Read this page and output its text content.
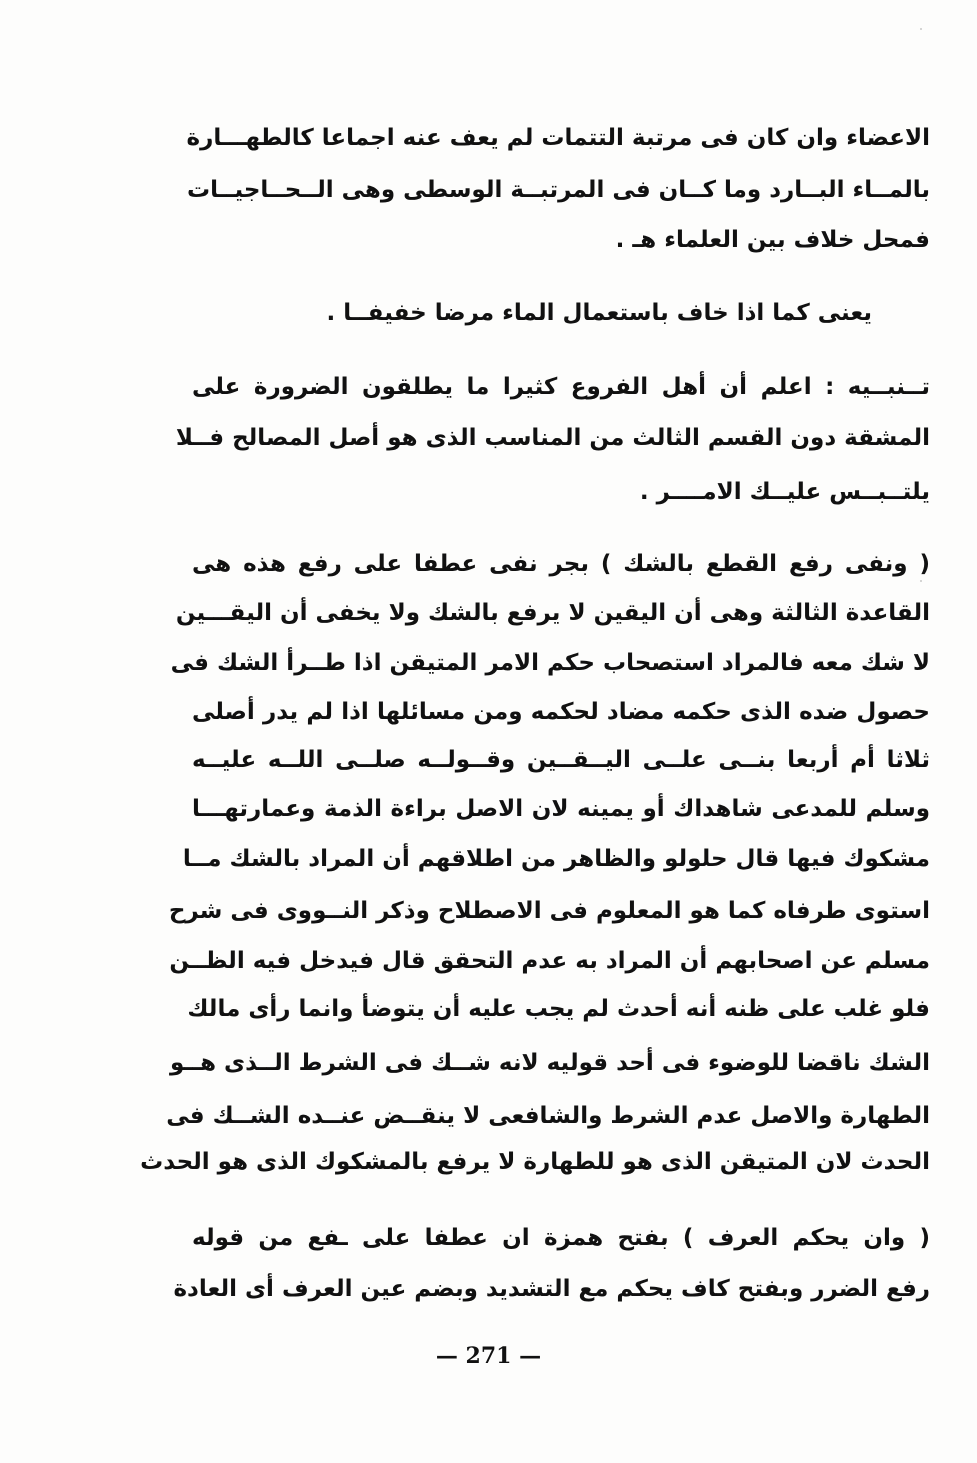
الاعضاء وان كان فى مرتبة التتمات لم يعف عنه اجماعا كالطهـــارة
بالمــاء البــارد وما كــان فى المرتبــة الوسطى وهى الــحــاجيــات
فمحل خلاف بين العلماء هـ .
يعنى كما اذا خاف باستعمال الماء مرضا خفيفــا .
تــنبــيه : اعلم أن أهل الفروع كثيرا ما يطلقون الضرورة على
المشقة دون القسم الثالث من المناسب الذى هو أصل المصالح فــلا
يلتــبــس عليــك الامــــر .
( ونفى رفع القطع بالشك ) بجر نفى عطفا على رفع هذه هى
القاعدة الثالثة وهى أن اليقين لا يرفع بالشك ولا يخفى أن اليقـــين
لا شك معه فالمراد استصحاب حكم الامر المتيقن اذا طــرأ الشك فى
حصول ضده الذى حكمه مضاد لحكمه ومن مسائلها اذا لم يدر أصلى
ثلاثا أم أربعا بنــى علــى اليــقــين وقــولــه صلــى اللــه عليــه
وسلم للمدعى شاهداك أو يمينه لان الاصل براءة الذمة وعمارتهـــا
مشكوك فيها قال حلولو والظاهر من اطلاقهم أن المراد بالشك مــا
استوى طرفاه كما هو المعلوم فى الاصطلاح وذكر النــووى فى شرح
مسلم عن اصحابهم أن المراد به عدم التحقق قال فيدخل فيه الظــن
فلو غلب على ظنه أنه أحدث لم يجب عليه أن يتوضأ وانما رأى مالك
الشك ناقضا للوضوء فى أحد قوليه لانه شــك فى الشرط الــذى هــو
الطهارة والاصل عدم الشرط والشافعى لا ينقــض عنــده الشــك فى
الحدث لان المتيقن الذى هو للطهارة لا يرفع بالمشكوك الذى هو الحدث
( وان يحكم العرف ) بفتح همزة ان عطفا على ـفع من قوله
رفع الضرر وبفتح كاف يحكم مع التشديد وبضم عين العرف أى العادة
— 271 —
